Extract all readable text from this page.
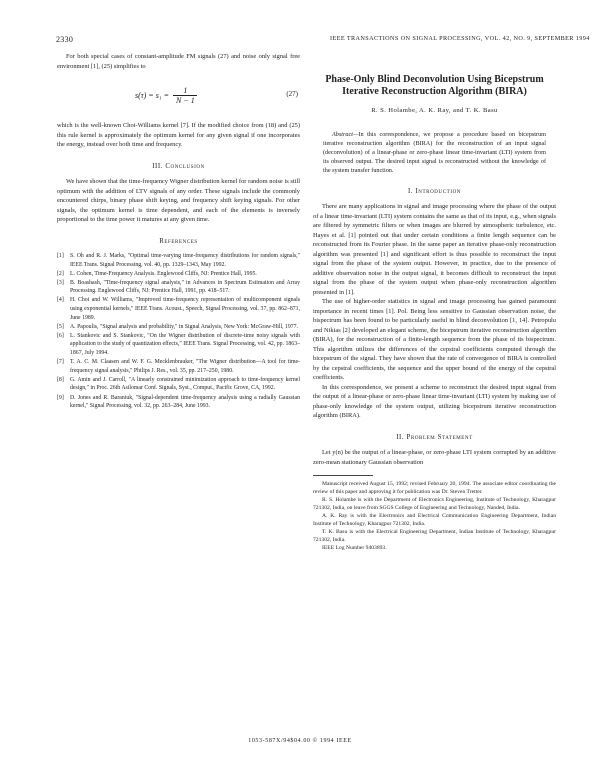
2330	IEEE TRANSACTIONS ON SIGNAL PROCESSING, VOL. 42, NO. 9, SEPTEMBER 1994

For both special cases of constant-amplitude FM signals (27) and noise only signal free environment [1], (25) simplifies to

$s(\tau) = s_1 = \frac{1}{N - 1}$	(27)

which is the well-known Choi-Williams kernel [7]. If the modified choice from (18) and (25) this rule kernel is approximately the optimum kernel for any given signal if one incorporates the energy, instead over both time and frequency.

III. Conclusion

We have shown that the time-frequency Wigner distribution kernel for random noise is still optimum with the addition of LTV signals of any order. These signals include the commonly encountered chirps, binary phase shift keying, and frequency shift keying signals. For other signals, the optimum kernel is time dependent, and each of the elements is inversely proportional to the time power it matures at any given time.

References
[1]	S. Oh and R. J. Marks, "Optimal time-varying time-frequency distributions for random signals," IEEE Trans. Signal Processing, vol. 40, pp. 1329–1343, May 1992.
[2]	L. Cohen, Time-Frequency Analysis. Englewood Cliffs, NJ: Prentice Hall, 1995.
[3]	B. Boashash, "Time-frequency signal analysis," in Advances in Spectrum Estimation and Array Processing. Englewood Cliffs, NJ: Prentice Hall, 1991, pp. 418–517.
[4]	H. Choi and W. Williams, "Improved time-frequency representation of multicomponent signals using exponential kernels," IEEE Trans. Acoust., Speech, Signal Processing, vol. 37, pp. 862–871, June 1989.
[5]	A. Papoulis, "Signal analysis and probability," in Signal Analysis, New York: McGraw-Hill, 1977.
[6]	L. Stankovic and S. Stankovic, "On the Wigner distribution of discrete-time noisy signals with application to the study of quantization effects," IEEE Trans. Signal Processing, vol. 42, pp. 1863–1867, July 1994.
[7]	T. A. C. M. Claasen and W. F. G. Mecklenbrauker, "The Wigner distribution—A tool for time-frequency signal analysis," Philips J. Res., vol. 35, pp. 217–250, 1980.
[8]	G. Amin and J. Carroll, "A linearly constrained minimization approach to time-frequency kernel design," in Proc. 26th Asilomar Conf. Signals, Syst., Comput., Pacific Grove, CA, 1992.
[9]	D. Jones and R. Baraniuk, "Signal-dependent time-frequency analysis using a radially Gaussian kernel," Signal Processing, vol. 32, pp. 263–284, June 1993.
Phase-Only Blind Deconvolution Using Bicepstrum
Iterative Reconstruction Algorithm (BIRA)
R. S. Holambe, A. K. Ray, and T. K. Basu

Abstract—In this correspondence, we propose a procedure based on bicepstrum iterative reconstruction algorithm (BIRA) for the reconstruction of an input signal (deconvolution) of a linear-phase or zero-phase linear time-invariant (LTI) system from its observed output. The desired input signal is reconstructed without the knowledge of the system transfer function.

I. Introduction

There are many applications in signal and image processing where the phase of the output of a linear time-invariant (LTI) system contains the same as that of its input, e.g., when signals are filtered by symmetric filters or when images are blurred by atmospheric turbulence, etc. Hayes et al. [1] pointed out that under certain conditions a finite length sequence can be reconstructed from its Fourier phase. In the same paper an iterative phase-only reconstruction algorithm was presented [1] and significant effort is thus possible to reconstruct the input signal from the phase of the system output. However, in practice, due to the presence of additive observation noise in the output signal, it becomes difficult to reconstruct the input signal from the phase of the system output when phase-only reconstruction algorithm presented in [1].

The use of higher-order statistics in signal and image processing has gained paramount importance in recent times [1]. Pol. Being less sensitive to Gaussian observation noise, the bispectrum has been found to be particularly useful in blind deconvolution [1, 14]. Petropulu and Nikias [2] developed an elegant scheme, the bicepstrum iterative reconstruction algorithm (BIRA), for the reconstruction of a finite-length sequence from the phase of its bispectrum. This algorithm utilizes the differences of the cepstral coefficients computed through the bicepstrum of the signal. They have shown that the rate of convergence of BIRA is controlled by the cepstral coefficients, the sequence and the upper bound of the energy of the cepstral coefficients.

In this correspondence, we present a scheme to reconstruct the desired input signal from the output of a linear-phase or zero-phase linear time-invariant (LTI) system by making use of phase-only knowledge of the system output, utilizing bicepstrum iterative reconstruction algorithm (BIRA).

II. Problem Statement

Let y(n) be the output of a linear-phase, or zero-phase LTI system corrupted by an additive zero-mean stationary Gaussian observation

Manuscript received August 15, 1992; revised February 20, 1994. The associate editor coordinating the review of this paper and approving it for publication was Dr. Steven Tretter.

R. S. Holambe is with the Department of Electronics Engineering, Institute of Technology, Kharagpur 721302, India, on leave from SGGS College of Engineering and Technology, Nanded, India.

A. K. Ray is with the Electronics and Electrical Communication Engineering Department, Indian Institute of Technology, Kharagpur 721302, India.

T. K. Basu is with the Electrical Engineering Department, Indian Institute of Technology, Kharagpur 721302, India.

IEEE Log Number 9403893.

1053-587X/94$04.00 © 1994 IEEE
